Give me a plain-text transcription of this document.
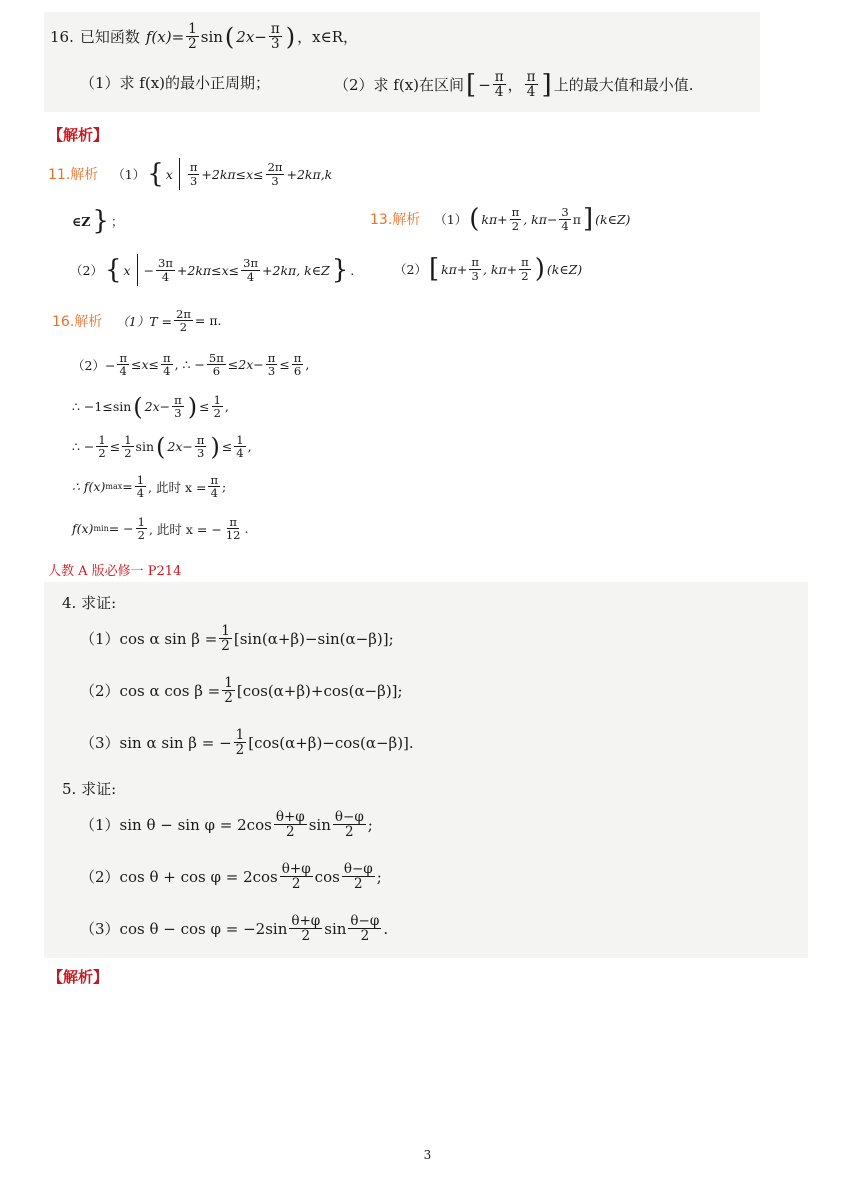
16. 已知函数 $f(x) = \frac{1}{2}$ sin ( $2x- \frac{\pi}{3}$ ) ，x∈R，
（1）求 f(x)的最小正周期；	（2）求 f(x)在区间 [ − $\frac{\pi}{4}$ ， $\frac{\pi}{4}$ ] 上的最大值和最小值.
【解析】
11.解析 （1） { x $\frac{\pi}{3} +2k\pi\le x\le \frac{2\pi}{3} +2k\pi,k$
∈Z } ；
（2） { $x - \frac{3\pi}{4} +2k\pi\le x\le \frac{3\pi}{4} +2k\pi$, k∈Z } .
13.解析 （1） ( $k\pi+ \frac{\pi}{2}$ , $k\pi- \frac{3}{4}$ π ] (k∈Z)
（2） [ $k\pi+ \frac{\pi}{3}$ , $k\pi+ \frac{\pi}{2}$ ) (k∈Z)
16.解析 $(1)T = \frac{2\pi}{2} = \pi$.
$(2)- \frac{\pi}{4} \le x\le \frac{\pi}{4}$ , ∴ − $\frac{5\pi}{6} \le 2x- \frac{\pi}{3} \le \frac{\pi}{6}$ ,
∴ −1≤sin ( $2x- \frac{\pi}{3}$ ) ≤ $\frac{1}{2}$ ,
∴ − $\frac{1}{2} \le \frac{1}{2}$ sin ( $2x- \frac{\pi}{3}$ ) ≤ $\frac{1}{4}$ ,
∴ f(x) $\max = \frac{1}{4}$ , 此时 $x = \frac{\pi}{4}$ ;
f(x) min = − $\frac{1}{2}$ , 此时 x = − $\frac{\pi}{12}$ .
人教 A 版必修一 P214
4. 求证:
（1）cos α $\sin \beta = \frac{1}{2} [\sin(\alpha+\beta)-\sin(\alpha-\beta)]$;
（2）cos α $\cos \beta = \frac{1}{2} [\cos(\alpha+\beta)+\cos(\alpha-\beta)]$;
（3）sin α sin β = − $\frac{1}{2} [\cos(\alpha+\beta)-\cos(\alpha-\beta)]$.
5. 求证:
（1）sin $\theta - \sin \varphi = 2\cos \frac{\theta+\varphi}{2}$ $\sin \frac{\theta-\varphi}{2}$ ;
（2）cos $\theta + \cos \varphi = 2\cos \frac{\theta+\varphi}{2}$ $\cos \frac{\theta-\varphi}{2}$ ;
（3）cos $\theta - \cos \varphi = -2\sin \frac{\theta+\varphi}{2}$ $\sin \frac{\theta-\varphi}{2}$ .
【解析】
3
